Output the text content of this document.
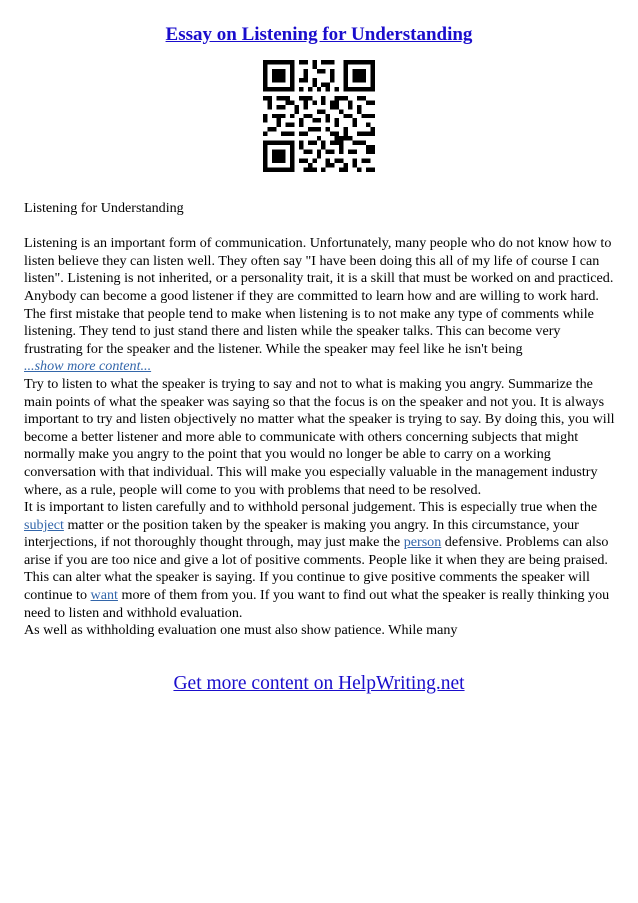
Essay on Listening for Understanding

Listening for Understanding

Listening is an important form of communication. Unfortunately, many people who do not know how to listen believe they can listen well. They often say "I have been doing this all of my life of course I can listen". Listening is not inherited, or a personality trait, it is a skill that must be worked on and practiced.

Anybody can become a good listener if they are committed to learn how and are willing to work hard. The first mistake that people tend to make when listening is to not make any type of comments while listening. They tend to just stand there and listen while the speaker talks. This can become very frustrating for the speaker and the listener. While the speaker may feel like he isn't being

...show more content...

Try to listen to what the speaker is trying to say and not to what is making you angry. Summarize the main points of what the speaker was saying so that the focus is on the speaker and not you. It is always important to try and listen objectively no matter what the speaker is trying to say. By doing this, you will become a better listener and more able to communicate with others concerning subjects that might normally make you angry to the point that you would no longer be able to carry on a working conversation with that individual. This will make you especially valuable in the management industry where, as a rule, people will come to you with problems that need to be resolved.

It is important to listen carefully and to withhold personal judgement. This is especially true when the subject matter or the position taken by the speaker is making you angry. In this circumstance, your interjections, if not thoroughly thought through, may just make the person defensive. Problems can also arise if you are too nice and give a lot of positive comments. People like it when they are being praised. This can alter what the speaker is saying. If you continue to give positive comments the speaker will continue to want more of them from you. If you want to find out what the speaker is really thinking you need to listen and withhold evaluation.

As well as withholding evaluation one must also show patience. While many

Get more content on HelpWriting.net
